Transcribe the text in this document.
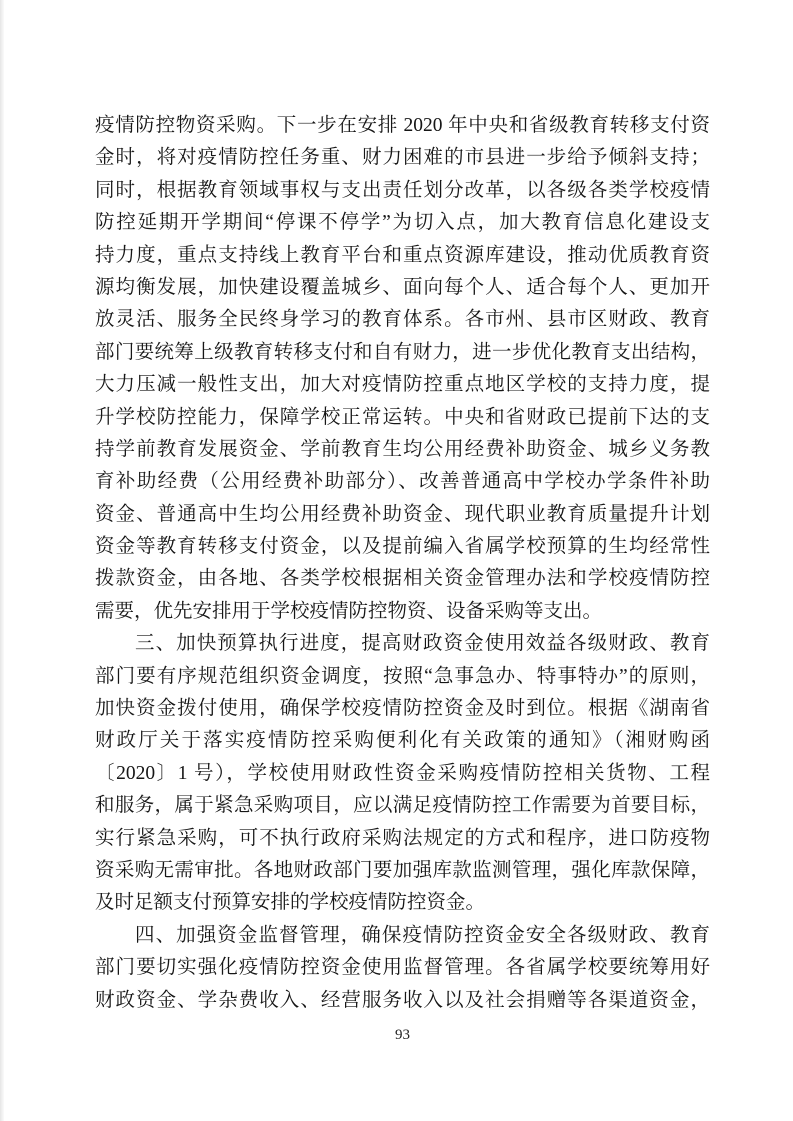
疫情防控物资采购。下一步在安排 2020 年中央和省级教育转移支付资
金时，将对疫情防控任务重、财力困难的市县进一步给予倾斜支持；
同时，根据教育领域事权与支出责任划分改革，以各级各类学校疫情
防控延期开学期间“停课不停学”为切入点，加大教育信息化建设支
持力度，重点支持线上教育平台和重点资源库建设，推动优质教育资
源均衡发展，加快建设覆盖城乡、面向每个人、适合每个人、更加开
放灵活、服务全民终身学习的教育体系。各市州、县市区财政、教育
部门要统筹上级教育转移支付和自有财力，进一步优化教育支出结构，
大力压减一般性支出，加大对疫情防控重点地区学校的支持力度，提
升学校防控能力，保障学校正常运转。中央和省财政已提前下达的支
持学前教育发展资金、学前教育生均公用经费补助资金、城乡义务教
育补助经费（公用经费补助部分）、改善普通高中学校办学条件补助
资金、普通高中生均公用经费补助资金、现代职业教育质量提升计划
资金等教育转移支付资金，以及提前编入省属学校预算的生均经常性
拨款资金，由各地、各类学校根据相关资金管理办法和学校疫情防控
需要，优先安排用于学校疫情防控物资、设备采购等支出。
三、加快预算执行进度，提高财政资金使用效益各级财政、教育
部门要有序规范组织资金调度，按照“急事急办、特事特办”的原则，
加快资金拨付使用，确保学校疫情防控资金及时到位。根据《湖南省
财政厅关于落实疫情防控采购便利化有关政策的通知》（湘财购函
〔2020〕1 号），学校使用财政性资金采购疫情防控相关货物、工程
和服务，属于紧急采购项目，应以满足疫情防控工作需要为首要目标，
实行紧急采购，可不执行政府采购法规定的方式和程序，进口防疫物
资采购无需审批。各地财政部门要加强库款监测管理，强化库款保障，
及时足额支付预算安排的学校疫情防控资金。
四、加强资金监督管理，确保疫情防控资金安全各级财政、教育
部门要切实强化疫情防控资金使用监督管理。各省属学校要统筹用好
财政资金、学杂费收入、经营服务收入以及社会捐赠等各渠道资金，
93
